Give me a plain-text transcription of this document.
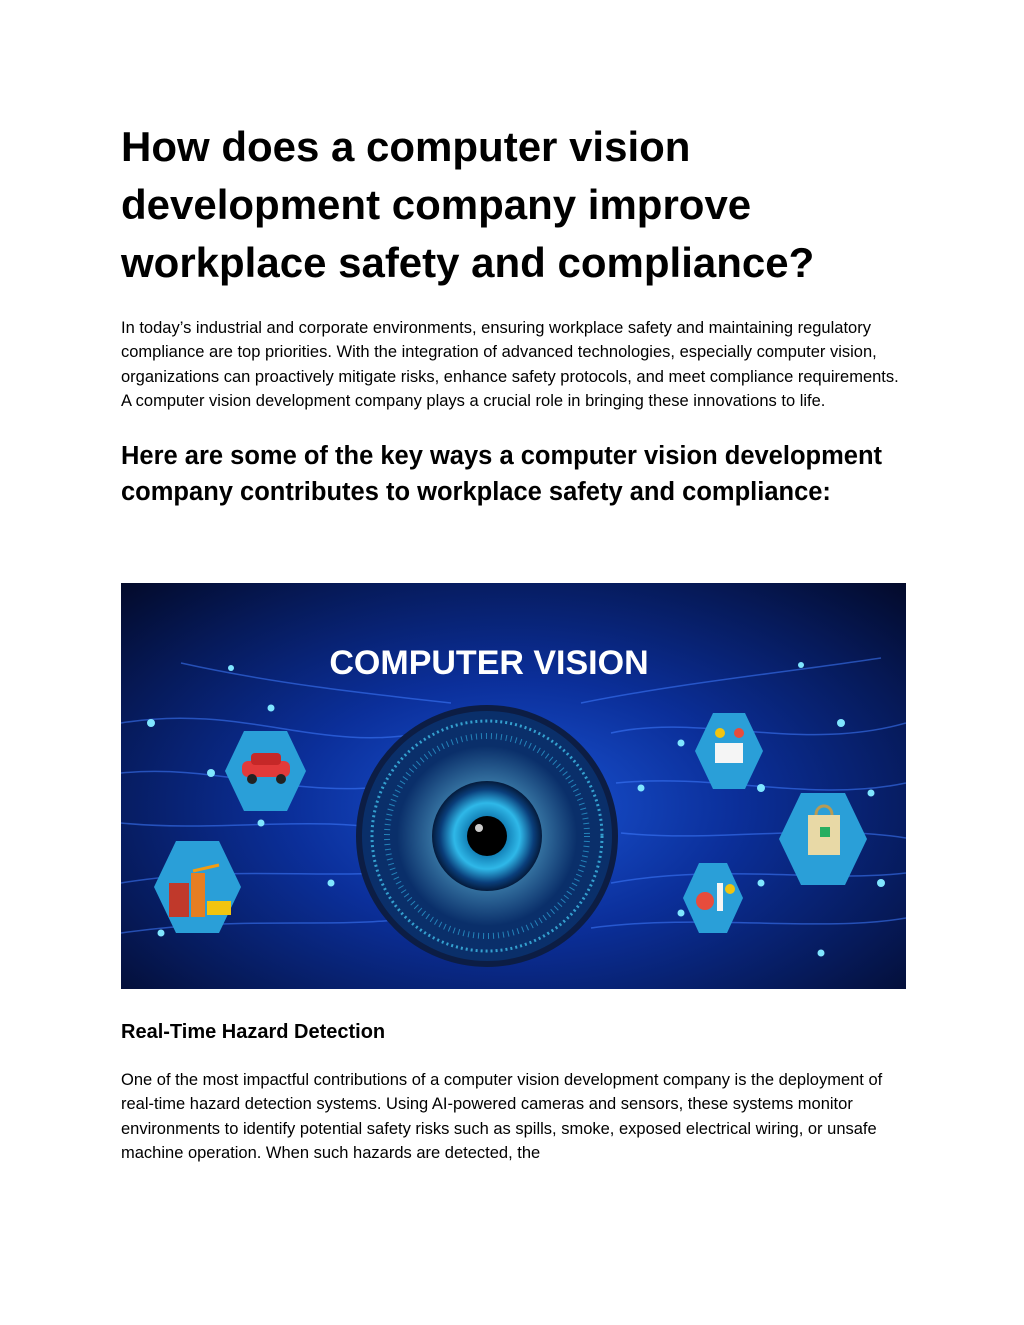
How does a computer vision development company improve workplace safety and compliance?

In today’s industrial and corporate environments, ensuring workplace safety and maintaining regulatory compliance are top priorities. With the integration of advanced technologies, especially computer vision, organizations can proactively mitigate risks, enhance safety protocols, and meet compliance requirements. A computer vision development company plays a crucial role in bringing these innovations to life.

Here are some of the key ways a computer vision development company contributes to workplace safety and compliance:
COMPUTER VISION
Real-Time Hazard Detection

One of the most impactful contributions of a computer vision development company is the deployment of real-time hazard detection systems. Using AI-powered cameras and sensors, these systems monitor environments to identify potential safety risks such as spills, smoke, exposed electrical wiring, or unsafe machine operation. When such hazards are detected, the
